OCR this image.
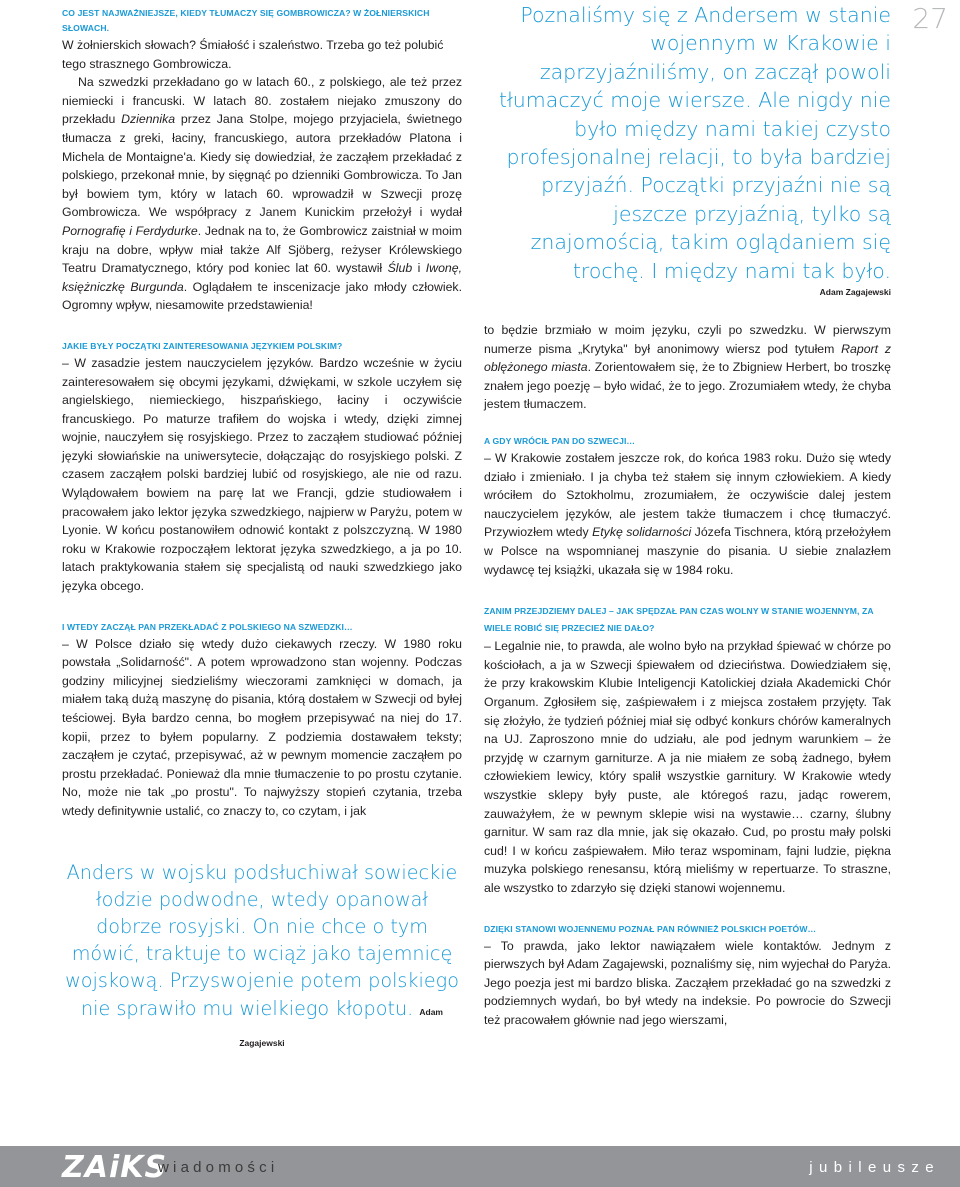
27
CO JEST NAJWAŻNIEJSZE, KIEDY TŁUMACZY SIĘ GOMBROWICZA? W ŻOŁNIERSKICH SŁOWACH.

W żołnierskich słowach? Śmiałość i szaleństwo. Trzeba go też polubić tego strasznego Gombrowicza.

Na szwedzki przekładano go w latach 60., z polskiego, ale też przez niemiecki i francuski. W latach 80. zostałem niejako zmuszony do przekładu Dziennika przez Jana Stolpe, mojego przyjaciela, świetnego tłumacza z greki, łaciny, francuskiego, autora przekładów Platona i Michela de Montaigne'a. Kiedy się dowiedział, że zacząłem przekładać z polskiego, przekonał mnie, by sięgnąć po dzienniki Gombrowicza. To Jan był bowiem tym, który w latach 60. wprowadził w Szwecji prozę Gombrowicza. We współpracy z Janem Kunickim przełożył i wydał Pornografię i Ferdydurke. Jednak na to, że Gombrowicz zaistniał w moim kraju na dobre, wpływ miał także Alf Sjöberg, reżyser Królewskiego Teatru Dramatycznego, który pod koniec lat 60. wystawił Ślub i Iwonę, księżniczkę Burgunda. Oglądałem te inscenizacje jako młody człowiek. Ogromny wpływ, niesamowite przedstawienia!

JAKIE BYŁY POCZĄTKI ZAINTERESOWANIA JĘZYKIEM POLSKIM?

– W zasadzie jestem nauczycielem języków. Bardzo wcześnie w życiu zainteresowałem się obcymi językami, dźwiękami, w szkole uczyłem się angielskiego, niemieckiego, hiszpańskiego, łaciny i oczywiście francuskiego. Po maturze trafiłem do wojska i wtedy, dzięki zimnej wojnie, nauczyłem się rosyjskiego. Przez to zacząłem studiować później języki słowiańskie na uniwersytecie, dołączając do rosyjskiego polski. Z czasem zacząłem polski bardziej lubić od rosyjskiego, ale nie od razu. Wylądowałem bowiem na parę lat we Francji, gdzie studiowałem i pracowałem jako lektor języka szwedzkiego, najpierw w Paryżu, potem w Lyonie. W końcu postanowiłem odnowić kontakt z polszczyzną. W 1980 roku w Krakowie rozpocząłem lektorat języka szwedzkiego, a ja po 10. latach praktykowania stałem się specjalistą od nauki szwedzkiego jako języka obcego.

I WTEDY ZACZĄŁ PAN PRZEKŁADAĆ Z POLSKIEGO NA SZWEDZKI…

– W Polsce działo się wtedy dużo ciekawych rzeczy. W 1980 roku powstała „Solidarność". A potem wprowadzono stan wojenny. Podczas godziny milicyjnej siedzieliśmy wieczorami zamknięci w domach, ja miałem taką dużą maszynę do pisania, którą dostałem w Szwecji od byłej teściowej. Była bardzo cenna, bo mogłem przepisywać na niej do 17. kopii, przez to byłem popularny. Z podziemia dostawałem teksty; zacząłem je czytać, przepisywać, aż w pewnym momencie zacząłem po prostu przekładać. Ponieważ dla mnie tłumaczenie to po prostu czytanie. No, może nie tak „po prostu". To najwyższy stopień czytania, trzeba wtedy definitywnie ustalić, co znaczy to, co czytam, i jak

Anders w wojsku podsłuchiwał sowieckie łodzie podwodne, wtedy opanował dobrze rosyjski. On nie chce o tym mówić, traktuje to wciąż jako tajemnicę wojskową. Przyswojenie potem polskiego nie sprawiło mu wielkiego kłopotu. Adam Zagajewski
Poznaliśmy się z Andersem w stanie wojennym w Krakowie i zaprzyjaźniliśmy, on zaczął powoli tłumaczyć moje wiersze. Ale nigdy nie było między nami takiej czysto profesjonalnej relacji, to była bardziej przyjaźń. Początki przyjaźni nie są jeszcze przyjaźnią, tylko są znajomością, takim oglądaniem się trochę. I między nami tak było.
Adam Zagajewski

to będzie brzmiało w moim języku, czyli po szwedzku. W pierwszym numerze pisma „Krytyka" był anonimowy wiersz pod tytułem Raport z oblężonego miasta. Zorientowałem się, że to Zbigniew Herbert, bo troszkę znałem jego poezję – było widać, że to jego. Zrozumiałem wtedy, że chyba jestem tłumaczem.

A GDY WRÓCIŁ PAN DO SZWECJI…

– W Krakowie zostałem jeszcze rok, do końca 1983 roku. Dużo się wtedy działo i zmieniało. I ja chyba też stałem się innym człowiekiem. A kiedy wróciłem do Sztokholmu, zrozumiałem, że oczywiście dalej jestem nauczycielem języków, ale jestem także tłumaczem i chcę tłumaczyć. Przywiozłem wtedy Etykę solidarności Józefa Tischnera, którą przełożyłem w Polsce na wspomnianej maszynie do pisania. U siebie znalazłem wydawcę tej książki, ukazała się w 1984 roku.

ZANIM PRZEJDZIEMY DALEJ – JAK SPĘDZAŁ PAN CZAS WOLNY W STANIE WOJENNYM, ZA WIELE ROBIĆ SIĘ PRZECIEŻ NIE DAŁO?

– Legalnie nie, to prawda, ale wolno było na przykład śpiewać w chórze po kościołach, a ja w Szwecji śpiewałem od dzieciństwa. Dowiedziałem się, że przy krakowskim Klubie Inteligencji Katolickiej działa Akademicki Chór Organum. Zgłosiłem się, zaśpiewałem i z miejsca zostałem przyjęty. Tak się złożyło, że tydzień później miał się odbyć konkurs chórów kameralnych na UJ. Zaproszono mnie do udziału, ale pod jednym warunkiem – że przyjdę w czarnym garniturze. A ja nie miałem ze sobą żadnego, byłem człowiekiem lewicy, który spalił wszystkie garnitury. W Krakowie wtedy wszystkie sklepy były puste, ale któregoś razu, jadąc rowerem, zauważyłem, że w pewnym sklepie wisi na wystawie… czarny, ślubny garnitur. W sam raz dla mnie, jak się okazało. Cud, po prostu mały polski cud! I w końcu zaśpiewałem. Miło teraz wspominam, fajni ludzie, piękna muzyka polskiego renesansu, którą mieliśmy w repertuarze. To straszne, ale wszystko to zdarzyło się dzięki stanowi wojennemu.

DZIĘKI STANOWI WOJENNEMU POZNAŁ PAN RÓWNIEŻ POLSKICH POETÓW…

– To prawda, jako lektor nawiązałem wiele kontaktów. Jednym z pierwszych był Adam Zagajewski, poznaliśmy się, nim wyjechał do Paryża. Jego poezja jest mi bardzo bliska. Zacząłem przekładać go na szwedzki z podziemnych wydań, bo był wtedy na indeksie. Po powrocie do Szwecji też pracowałem głównie nad jego wierszami,

ZAiKS
wiadomości	jubileusze
